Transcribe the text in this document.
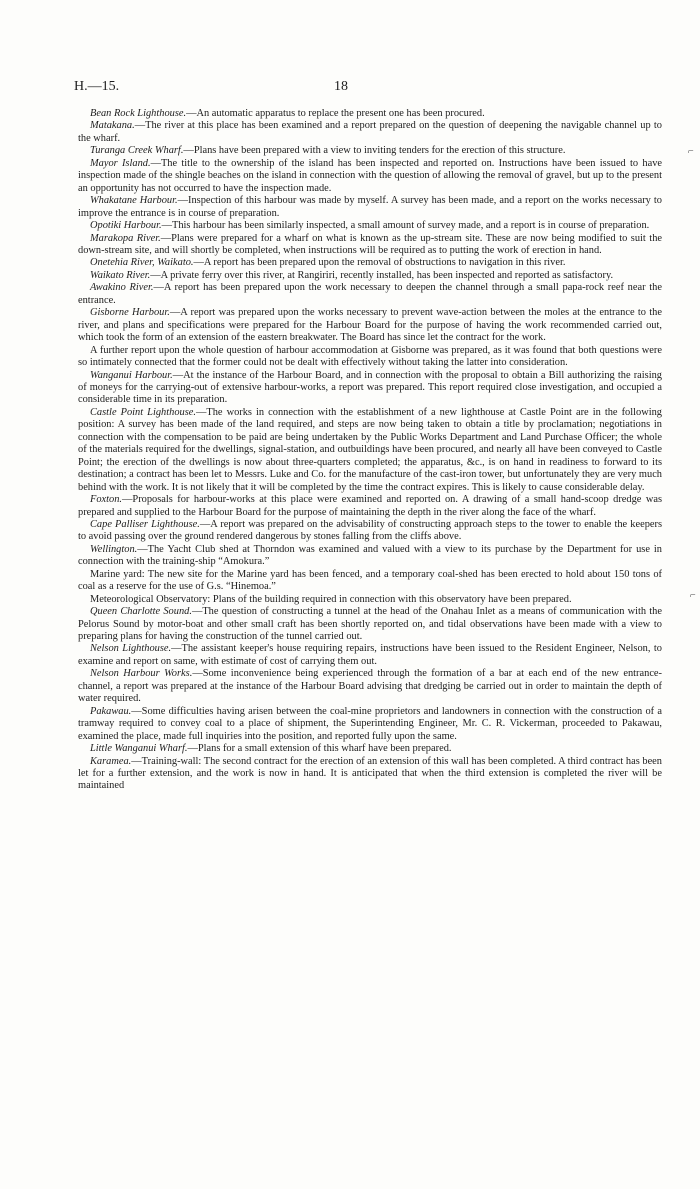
H.—15.	18
⌐
⌐

Bean Rock Lighthouse.—An automatic apparatus to replace the present one has been procured.

Matakana.—The river at this place has been examined and a report prepared on the question of deepening the navigable channel up to the wharf.

Turanga Creek Wharf.—Plans have been prepared with a view to inviting tenders for the erection of this structure.

Mayor Island.—The title to the ownership of the island has been inspected and reported on. Instructions have been issued to have inspection made of the shingle beaches on the island in connection with the question of allowing the removal of gravel, but up to the present an opportunity has not occurred to have the inspection made.

Whakatane Harbour.—Inspection of this harbour was made by myself. A survey has been made, and a report on the works necessary to improve the entrance is in course of preparation.

Opotiki Harbour.—This harbour has been similarly inspected, a small amount of survey made, and a report is in course of preparation.

Marakopa River.—Plans were prepared for a wharf on what is known as the up-stream site. These are now being modified to suit the down-stream site, and will shortly be completed, when instructions will be required as to putting the work of erection in hand.

Onetehia River, Waikato.—A report has been prepared upon the removal of obstructions to navigation in this river.

Waikato River.—A private ferry over this river, at Rangiriri, recently installed, has been inspected and reported as satisfactory.

Awakino River.—A report has been prepared upon the work necessary to deepen the channel through a small papa-rock reef near the entrance.

Gisborne Harbour.—A report was prepared upon the works necessary to prevent wave-action between the moles at the entrance to the river, and plans and specifications were prepared for the Harbour Board for the purpose of having the work recommended carried out, which took the form of an extension of the eastern breakwater. The Board has since let the contract for the work.

A further report upon the whole question of harbour accommodation at Gisborne was prepared, as it was found that both questions were so intimately connected that the former could not be dealt with effectively without taking the latter into consideration.

Wanganui Harbour.—At the instance of the Harbour Board, and in connection with the proposal to obtain a Bill authorizing the raising of moneys for the carrying-out of extensive harbour-works, a report was prepared. This report required close investigation, and occupied a considerable time in its preparation.

Castle Point Lighthouse.—The works in connection with the establishment of a new lighthouse at Castle Point are in the following position: A survey has been made of the land required, and steps are now being taken to obtain a title by proclamation; negotiations in connection with the compensation to be paid are being undertaken by the Public Works Department and Land Purchase Officer; the whole of the materials required for the dwellings, signal-station, and outbuildings have been procured, and nearly all have been conveyed to Castle Point; the erection of the dwellings is now about three-quarters completed; the apparatus, &c., is on hand in readiness to forward to its destination; a contract has been let to Messrs. Luke and Co. for the manufacture of the cast-iron tower, but unfortunately they are very much behind with the work. It is not likely that it will be completed by the time the contract expires. This is likely to cause considerable delay.

Foxton.—Proposals for harbour-works at this place were examined and reported on. A drawing of a small hand-scoop dredge was prepared and supplied to the Harbour Board for the purpose of maintaining the depth in the river along the face of the wharf.

Cape Palliser Lighthouse.—A report was prepared on the advisability of constructing approach steps to the tower to enable the keepers to avoid passing over the ground rendered dangerous by stones falling from the cliffs above.

Wellington.—The Yacht Club shed at Thorndon was examined and valued with a view to its purchase by the Department for use in connection with the training-ship “Amokura.”

Marine yard: The new site for the Marine yard has been fenced, and a temporary coal-shed has been erected to hold about 150 tons of coal as a reserve for the use of G.s. “Hinemoa.”

Meteorological Observatory: Plans of the building required in connection with this observatory have been prepared.

Queen Charlotte Sound.—The question of constructing a tunnel at the head of the Onahau Inlet as a means of communication with the Pelorus Sound by motor-boat and other small craft has been shortly reported on, and tidal observations have been made with a view to preparing plans for having the construction of the tunnel carried out.

Nelson Lighthouse.—The assistant keeper's house requiring repairs, instructions have been issued to the Resident Engineer, Nelson, to examine and report on same, with estimate of cost of carrying them out.

Nelson Harbour Works.—Some inconvenience being experienced through the formation of a bar at each end of the new entrance-channel, a report was prepared at the instance of the Harbour Board advising that dredging be carried out in order to maintain the depth of water required.

Pakawau.—Some difficulties having arisen between the coal-mine proprietors and landowners in connection with the construction of a tramway required to convey coal to a place of shipment, the Superintending Engineer, Mr. C. R. Vickerman, proceeded to Pakawau, examined the place, made full inquiries into the position, and reported fully upon the same.

Little Wanganui Wharf.—Plans for a small extension of this wharf have been prepared.

Karamea.—Training-wall: The second contract for the erection of an extension of this wall has been completed. A third contract has been let for a further extension, and the work is now in hand. It is anticipated that when the third extension is completed the river will be maintained
